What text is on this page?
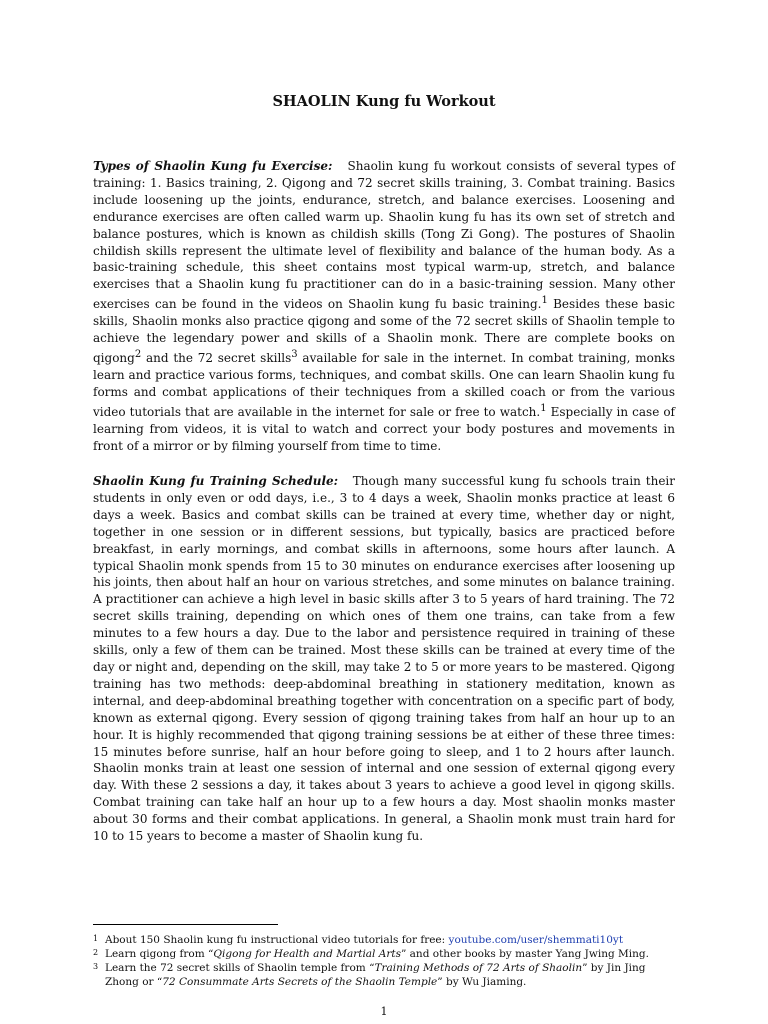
SHAOLIN Kung fu Workout

Types of Shaolin Kung fu Exercise: Shaolin kung fu workout consists of several types of training: 1. Basics training, 2. Qigong and 72 secret skills training, 3. Combat training. Basics include loosening up the joints, endurance, stretch, and balance exercises. Loosening and endurance exercises are often called warm up. Shaolin kung fu has its own set of stretch and balance postures, which is known as childish skills (Tong Zi Gong). The postures of Shaolin childish skills represent the ultimate level of flexibility and balance of the human body. As a basic-training schedule, this sheet contains most typical warm-up, stretch, and balance exercises that a Shaolin kung fu practitioner can do in a basic-training session. Many other exercises can be found in the videos on Shaolin kung fu basic training.$^1$ Besides these basic skills, Shaolin monks also practice qigong and some of the 72 secret skills of Shaolin temple to achieve the legendary power and skills of a Shaolin monk. There are complete books on qigong$^2$ and the 72 secret skills$^3$ available for sale in the internet. In combat training, monks learn and practice various forms, techniques, and combat skills. One can learn Shaolin kung fu forms and combat applications of their techniques from a skilled coach or from the various video tutorials that are available in the internet for sale or free to watch.$^1$ Especially in case of learning from videos, it is vital to watch and correct your body postures and movements in front of a mirror or by filming yourself from time to time.

Shaolin Kung fu Training Schedule: Though many successful kung fu schools train their students in only even or odd days, i.e., 3 to 4 days a week, Shaolin monks practice at least 6 days a week. Basics and combat skills can be trained at every time, whether day or night, together in one session or in different sessions, but typically, basics are practiced before breakfast, in early mornings, and combat skills in afternoons, some hours after launch. A typical Shaolin monk spends from 15 to 30 minutes on endurance exercises after loosening up his joints, then about half an hour on various stretches, and some minutes on balance training. A practitioner can achieve a high level in basic skills after 3 to 5 years of hard training. The 72 secret skills training, depending on which ones of them one trains, can take from a few minutes to a few hours a day. Due to the labor and persistence required in training of these skills, only a few of them can be trained. Most these skills can be trained at every time of the day or night and, depending on the skill, may take 2 to 5 or more years to be mastered. Qigong training has two methods: deep-abdominal breathing in stationery meditation, known as internal, and deep-abdominal breathing together with concentration on a specific part of body, known as external qigong. Every session of qigong training takes from half an hour up to an hour. It is highly recommended that qigong training sessions be at either of these three times: 15 minutes before sunrise, half an hour before going to sleep, and 1 to 2 hours after launch. Shaolin monks train at least one session of internal and one session of external qigong every day. With these 2 sessions a day, it takes about 3 years to achieve a good level in qigong skills. Combat training can take half an hour up to a few hours a day. Most shaolin monks master about 30 forms and their combat applications. In general, a Shaolin monk must train hard for 10 to 15 years to become a master of Shaolin kung fu.

1 About 150 Shaolin kung fu instructional video tutorials for free: youtube.com/user/shemmati10yt

2 Learn qigong from “Qigong for Health and Martial Arts” and other books by master Yang Jwing Ming.

3 Learn the 72 secret skills of Shaolin temple from “Training Methods of 72 Arts of Shaolin” by Jin Jing
Zhong or “72 Consummate Arts Secrets of the Shaolin Temple” by Wu Jiaming.

1
